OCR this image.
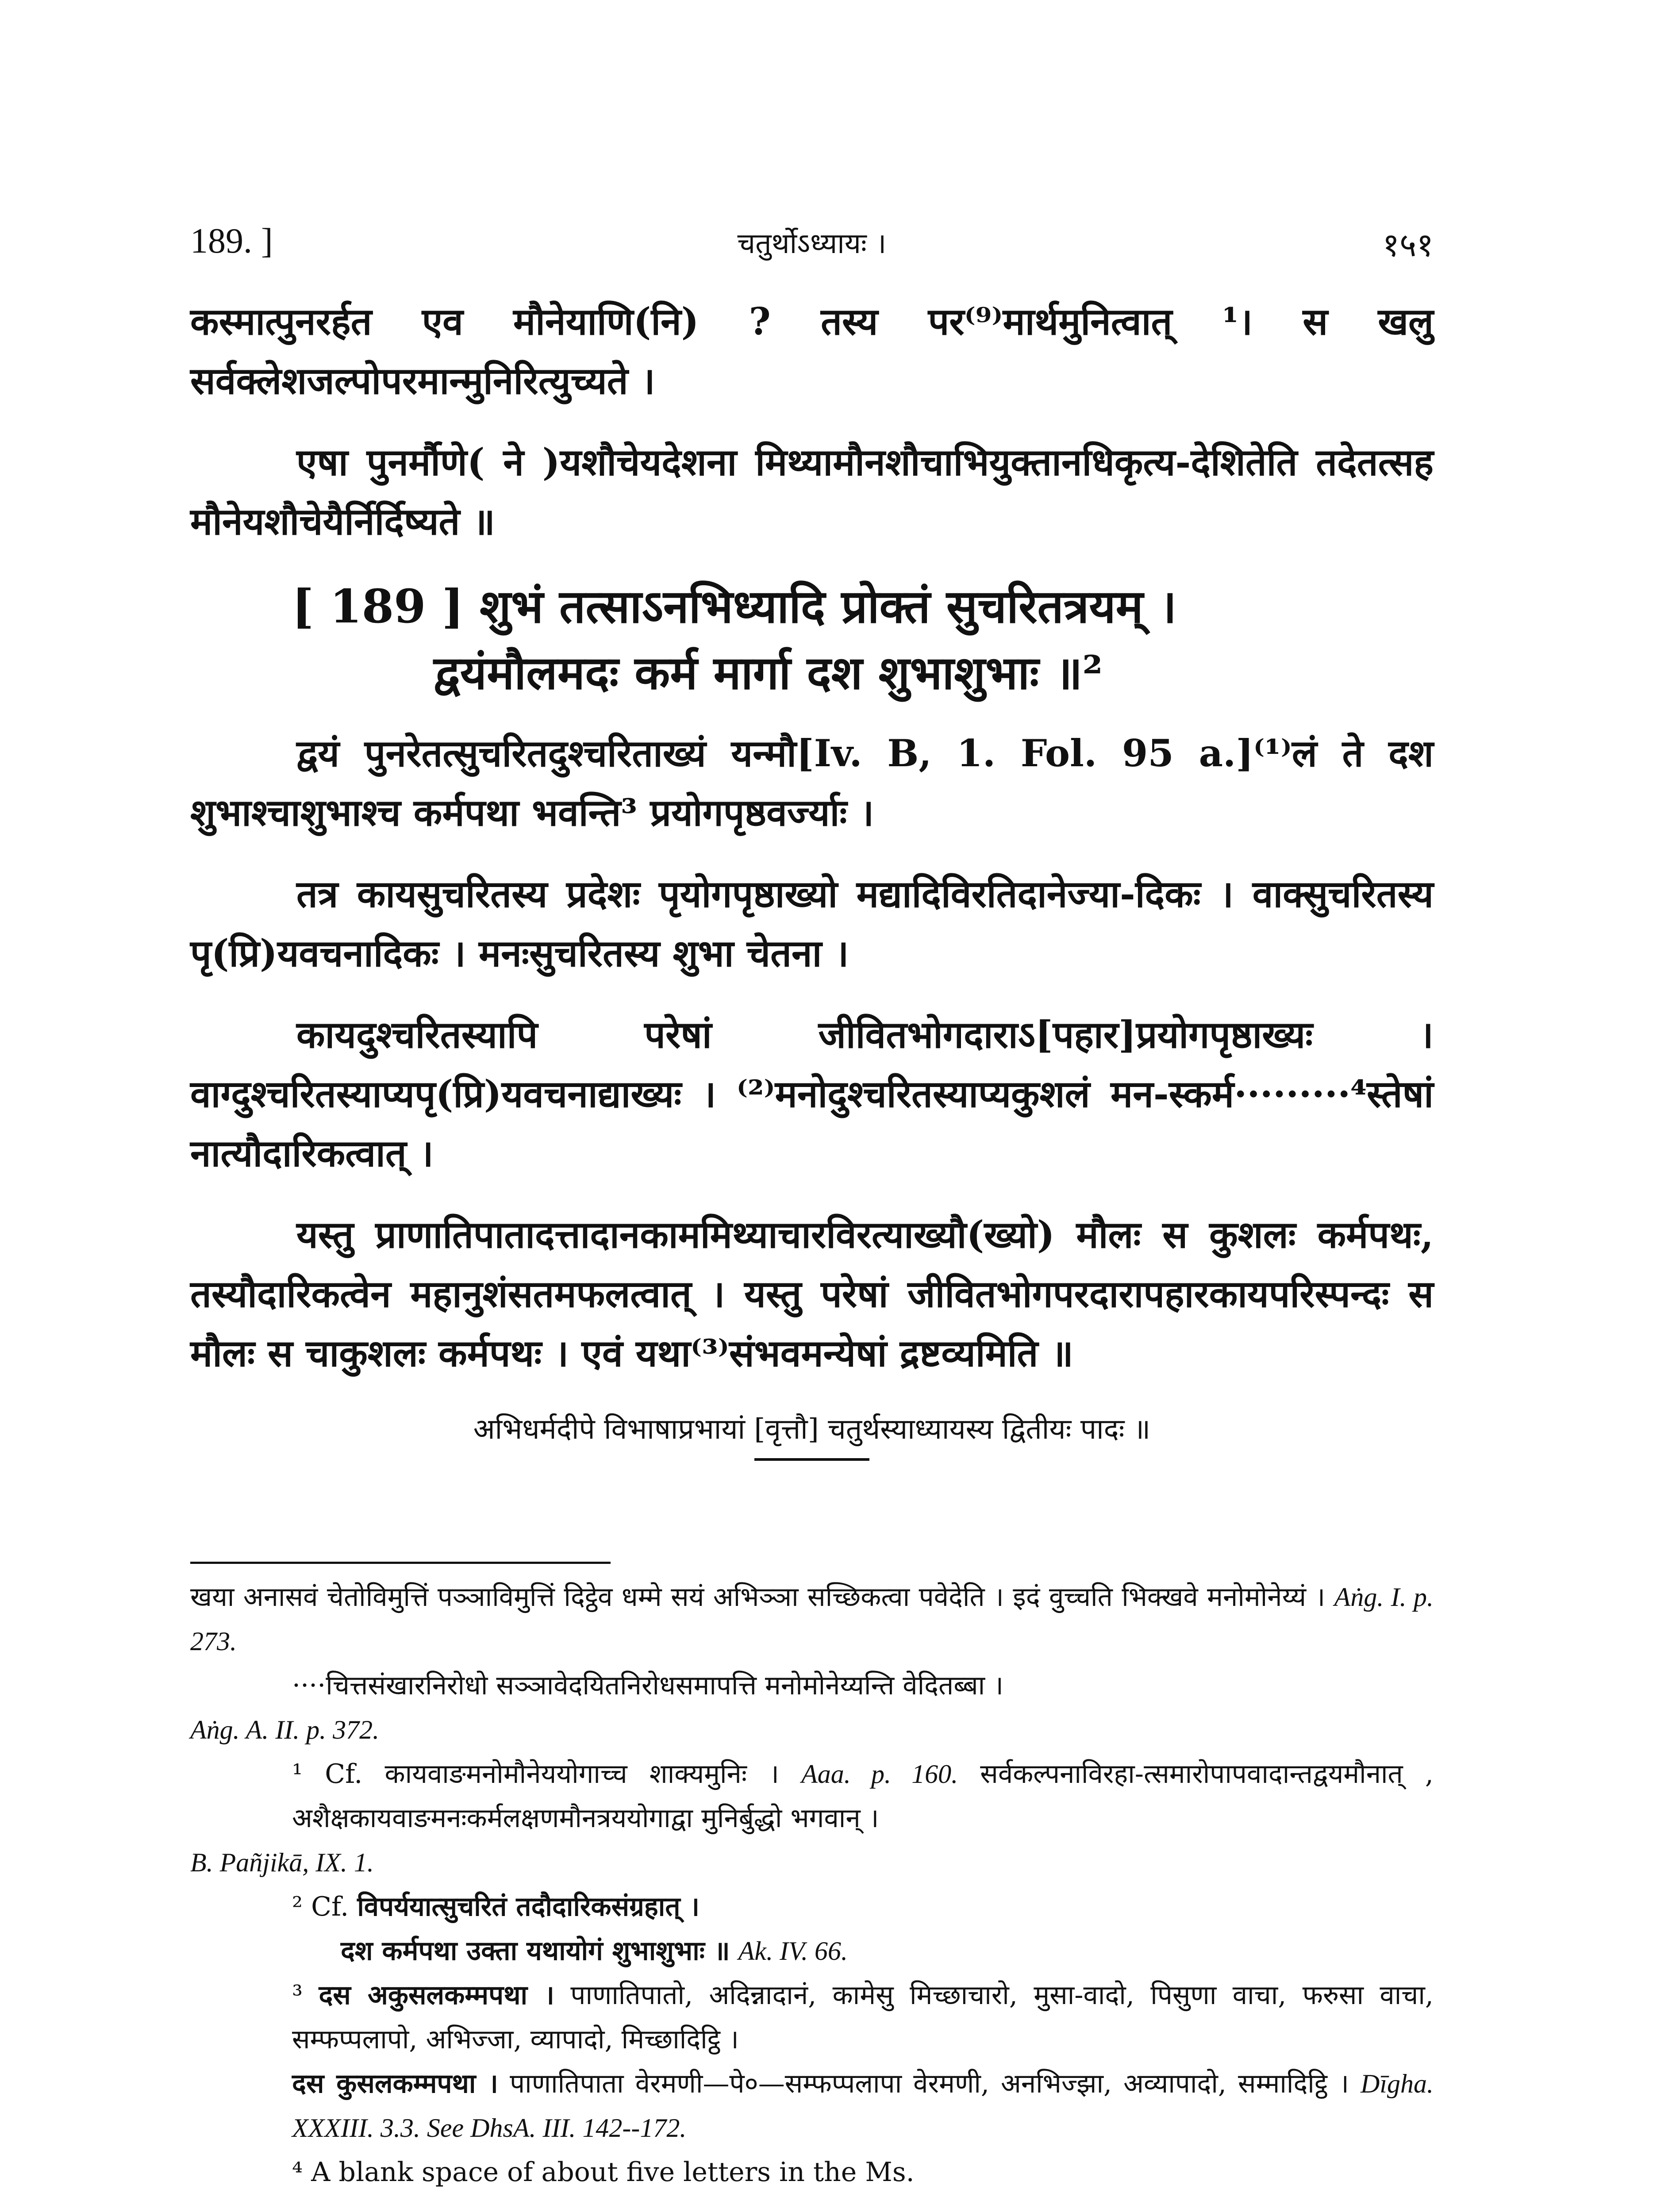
189. ]	चतुर्थोऽध्यायः ।	१५१

कस्मात्पुनरर्हत एव मौनेयाणि(नि) ? तस्य पर⁽⁹⁾मार्थमुनित्वात् ¹। स खलु सर्वक्लेशजल्पोपरमान्मुनिरित्युच्यते ।

एषा पुनर्मौणे( ने )यशौचेयदेशना मिथ्यामौनशौचाभियुक्तानधिकृत्य-देशितेति तदेतत्सह मौनेयशौचेयैर्निर्दिष्यते ॥

[ 189 ] शुभं तत्साऽनभिध्यादि प्रोक्तं सुचरितत्रयम् ।
द्वयंमौलमदः कर्म मार्गा दश शुभाशुभाः ॥²

द्वयं पुनरेतत्सुचरितदुश्चरिताख्यं यन्मौ[Iv. B, 1. Fol. 95 a.]⁽¹⁾लं ते दश शुभाश्चाशुभाश्च कर्मपथा भवन्ति³ प्रयोगपृष्ठवर्ज्याः ।

तत्र कायसुचरितस्य प्रदेशः पृयोगपृष्ठाख्यो मद्यादिविरतिदानेज्या-दिकः । वाक्सुचरितस्य पृ(प्रि)यवचनादिकः । मनःसुचरितस्य शुभा चेतना ।

कायदुश्चरितस्यापि परेषां जीवितभोगदाराऽ[पहार]प्रयोगपृष्ठाख्यः । वाग्दुश्चरितस्याप्यपृ(प्रि)यवचनाद्याख्यः । ⁽²⁾मनोदुश्चरितस्याप्यकुशलं मन-स्कर्म·········⁴स्तेषां नात्यौदारिकत्वात् ।

यस्तु प्राणातिपातादत्तादानकाममिथ्याचारविरत्याख्यौ(ख्यो) मौलः स कुशलः कर्मपथः, तस्यौदारिकत्वेन महानुशंसतमफलत्वात् । यस्तु परेषां जीवितभोगपरदारापहारकायपरिस्पन्दः स मौलः स चाकुशलः कर्मपथः । एवं यथा⁽³⁾संभवमन्येषां द्रष्टव्यमिति ॥

अभिधर्मदीपे विभाषाप्रभायां [वृत्तौ] चतुर्थस्याध्यायस्य द्वितीयः पादः ॥

खया अनासवं चेतोविमुत्तिं पञ्ञाविमुत्तिं दिट्ठेव धम्मे सयं अभिञ्ञा सच्छिकत्वा पवेदेति । इदं वुच्चति भिक्खवे मनोमोनेय्यं । Aṅg. I. p. 273.

····चित्तसंखारनिरोधो सञ्ञावेदयितनिरोधसमापत्ति मनोमोनेय्यन्ति वेदितब्बा ।

Aṅg. A. II. p. 372.

¹ Cf. कायवाङमनोमौनेययोगाच्च शाक्यमुनिः । Aaa. p. 160. सर्वकल्पनाविरहा-त्समारोपापवादान्तद्वयमौनात् , अशैक्षकायवाङमनःकर्मलक्षणमौनत्रययोगाद्वा मुनिर्बुद्धो भगवान् ।

B. Pañjikā, IX. 1.

² Cf. विपर्ययात्सुचरितं तदौदारिकसंग्रहात् ।

दश कर्मपथा उक्ता यथायोगं शुभाशुभाः ॥ Ak. IV. 66.

³ दस अकुसलकम्मपथा । पाणातिपातो, अदिन्नादानं, कामेसु मिच्छाचारो, मुसा-वादो, पिसुणा वाचा, फरुसा वाचा, सम्फप्पलापो, अभिज्जा, व्यापादो, मिच्छादिट्ठि ।

दस कुसलकम्मपथा । पाणातिपाता वेरमणी—पे०—सम्फप्पलापा वेरमणी, अनभिज्झा, अव्यापादो, सम्मादिट्ठि । Dīgha. XXXIII. 3.3. See DhsA. III. 142--172.

⁴ A blank space of about five letters in the Ms.
